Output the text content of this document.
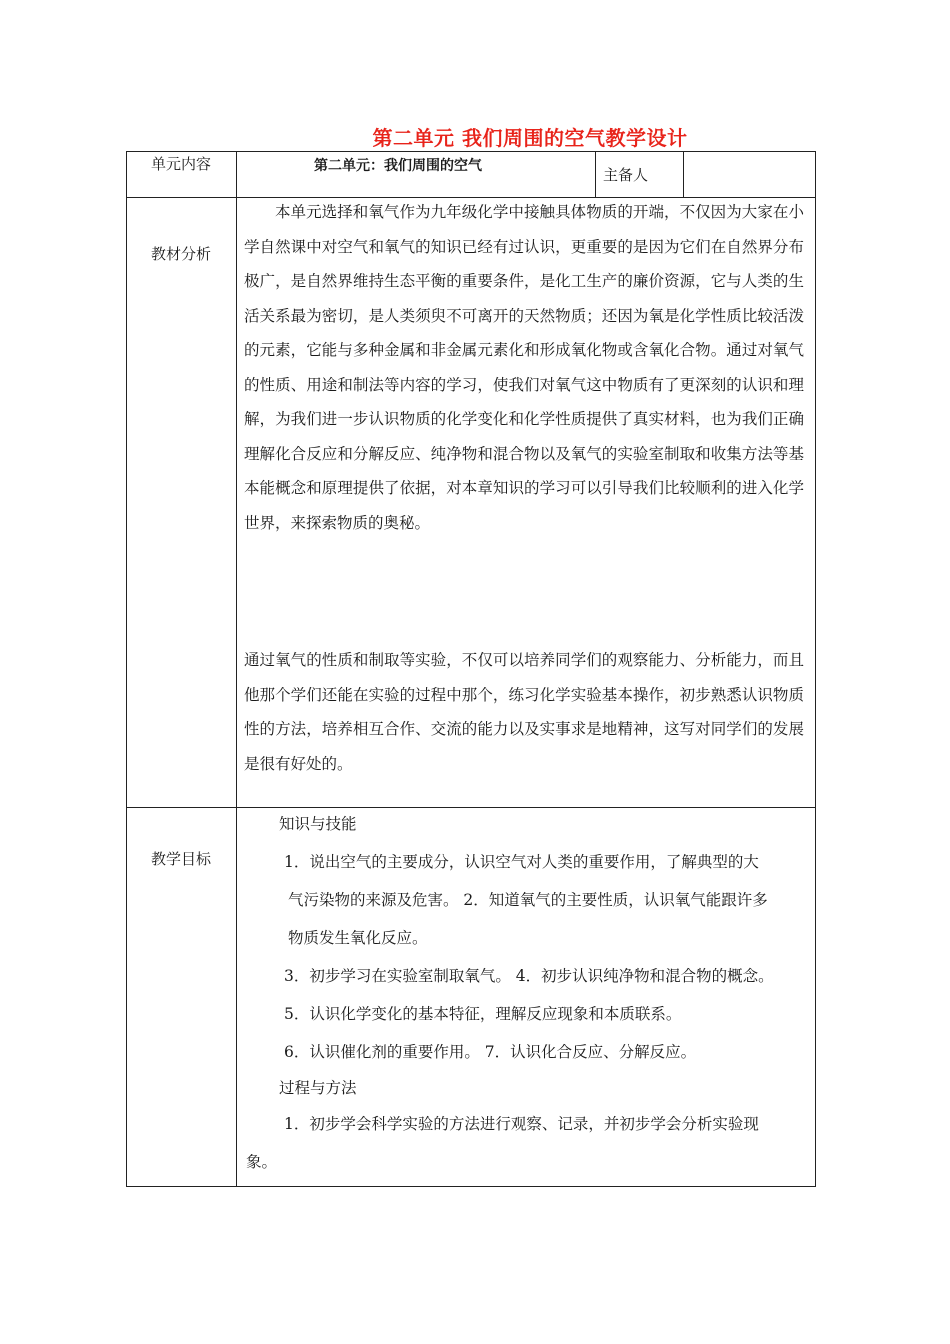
第二单元 我们周围的空气教学设计
单元内容	第二单元：我们周围的空气	主备人
教材分析
本单元选择和氧气作为九年级化学中接触具体物质的开端，不仅因为大家在小学自然课中对空气和氧气的知识已经有过认识，更重要的是因为它们在自然界分布极广，是自然界维持生态平衡的重要条件，是化工生产的廉价资源，它与人类的生活关系最为密切，是人类须臾不可离开的天然物质；还因为氧是化学性质比较活泼的元素，它能与多种金属和非金属元素化和形成氧化物或含氧化合物。通过对氧气的性质、用途和制法等内容的学习，使我们对氧气这中物质有了更深刻的认识和理解，为我们进一步认识物质的化学变化和化学性质提供了真实材料，也为我们正确理解化合反应和分解反应、纯净物和混合物以及氧气的实验室制取和收集方法等基本能概念和原理提供了依据，对本章知识的学习可以引导我们比较顺利的进入化学世界，来探索物质的奥秘。
通过氧气的性质和制取等实验，不仅可以培养同学们的观察能力、分析能力，而且他那个学们还能在实验的过程中那个，练习化学实验基本操作，初步熟悉认识物质性的方法，培养相互合作、交流的能力以及实事求是地精神，这写对同学们的发展是很有好处的。
教学目标
知识与技能
1．说出空气的主要成分，认识空气对人类的重要作用，了解典型的大
气污染物的来源及危害。 2．知道氧气的主要性质，认识氧气能跟许多
物质发生氧化反应。
3．初步学习在实验室制取氧气。 4．初步认识纯净物和混合物的概念。
5．认识化学变化的基本特征，理解反应现象和本质联系。
6．认识催化剂的重要作用。 7．认识化合反应、分解反应。
过程与方法
1．初步学会科学实验的方法进行观察、记录，并初步学会分析实验现
象。
